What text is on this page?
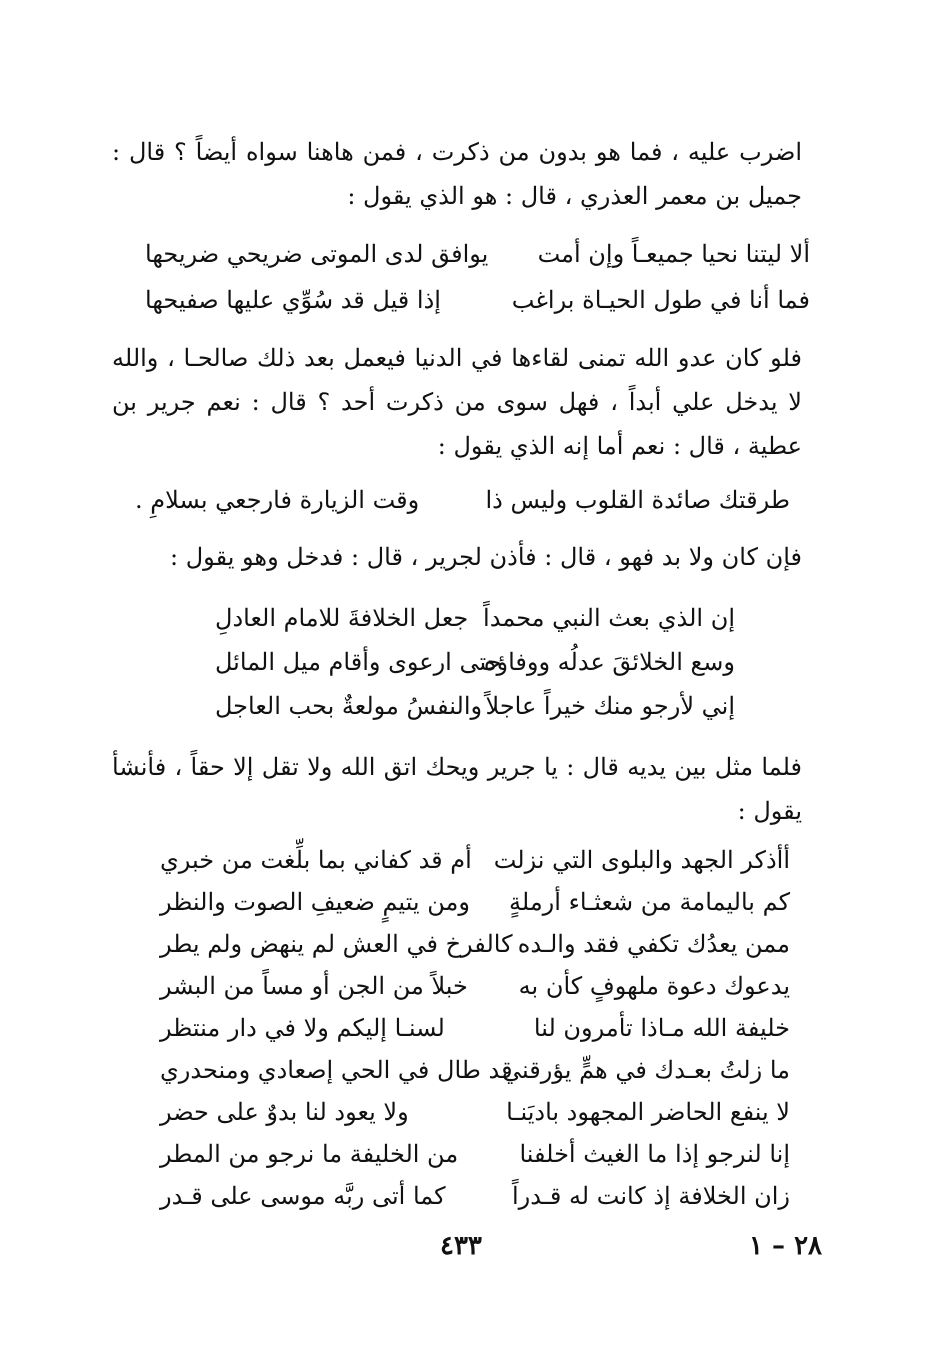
اضرب عليه ، فما هو بدون من ذكرت ، فمن هاهنا سواه أيضاً ؟ قال : جميل بن معمر العذري ، قال : هو الذي يقول :

ألا ليتنا نحيا جميعـاً وإن أمت
يوافق لدى الموتى ضريحي ضريحها
فما أنا في طول الحيـاة براغب
إذا قيل قد سُوِّي عليها صفيحها

فلو كان عدو الله تمنى لقاءها في الدنيا فيعمل بعد ذلك صالحـا ، والله لا يدخل علي أبداً ، فهل سوى من ذكرت أحد ؟ قال : نعم جرير بن عطية ، قال : نعم أما إنه الذي يقول :

طرقتك صائدة القلوب وليس ذا
وقت الزيارة فارجعي بسلامِ .

فإن كان ولا بد فهو ، قال : فأذن لجرير ، قال : فدخل وهو يقول :

إن الذي بعث النبي محمداً
جعل الخلافةَ للامام العادلِ
وسع الخلائقَ عدلُه ووفاؤه
حتى ارعوى وأقام ميل المائل
إني لأرجو منك خيراً عاجلاً
والنفسُ مولعةٌ بحب العاجل

فلما مثل بين يديه قال : يا جرير ويحك اتق الله ولا تقل إلا حقاً ، فأنشأ يقول :

أأذكر الجهد والبلوى التي نزلت
أم قد كفاني بما بلِّغت من خبري
كم باليمامة من شعثـاء أرملةٍ
ومن يتيمٍ ضعيفِ الصوت والنظر
ممن يعدُك تكفي فقد والـده
كالفرخ في العش لم ينهض ولم يطر
يدعوك دعوة ملهوفٍ كأن به
خبلاً من الجن أو مساً من البشر
خليفة الله مـاذا تأمرون لنا
لسنـا إليكم ولا في دار منتظر
ما زلتُ بعـدك في همٍّ يؤرقني
قد طال في الحي إصعادي ومنحدري
لا ينفع الحاضر المجهود باديَنـا
ولا يعود لنا بدوٌ على حضر
إنا لنرجو إذا ما الغيث أخلفنا
من الخليفة ما نرجو من المطر
زان الخلافة إذ كانت له قـدراً
كما أتى ربَّه موسى على قـدر
٢٨ – ١
٤٣٣
